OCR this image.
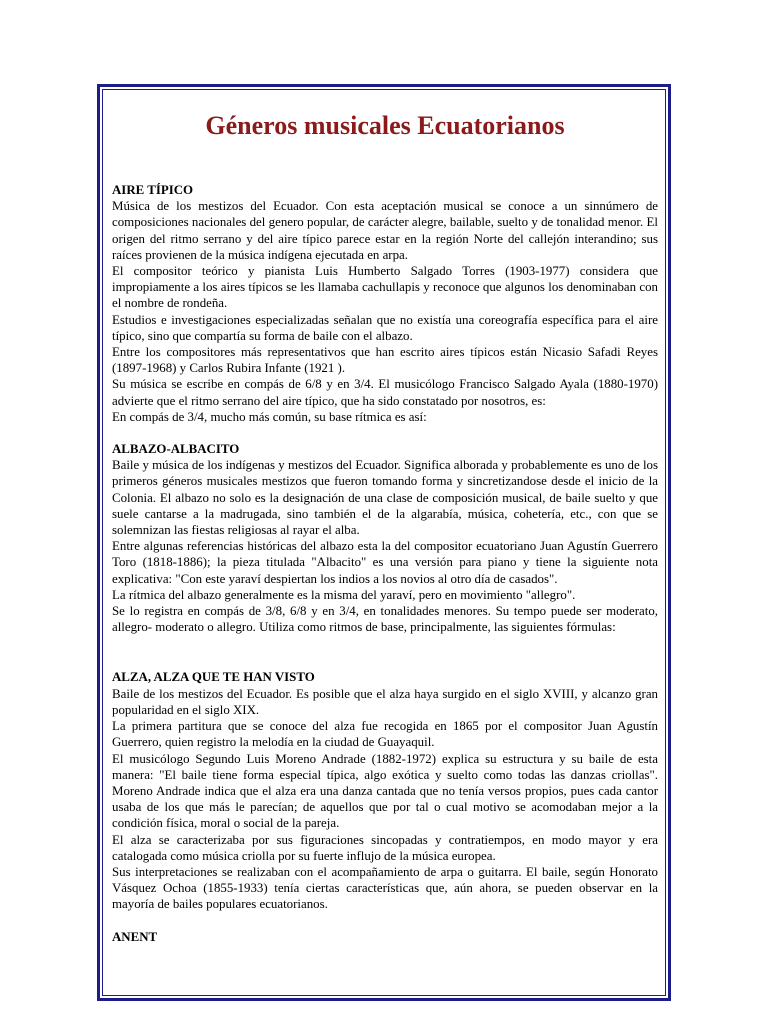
Géneros musicales Ecuatorianos

AIRE TÍPICO

Música de los mestizos del Ecuador. Con esta aceptación musical se conoce a un sinnúmero de composiciones nacionales del genero popular, de carácter alegre, bailable, suelto y de tonalidad menor. El origen del ritmo serrano y del aire típico parece estar en la región Norte del callejón interandino; sus raíces provienen de la música indígena ejecutada en arpa.

El compositor teórico y pianista Luis Humberto Salgado Torres (1903-1977) considera que impropiamente a los aires típicos se les llamaba cachullapis y reconoce que algunos los denominaban con el nombre de rondeña.

Estudios e investigaciones especializadas señalan que no existía una coreografía específica para el aire típico, sino que compartía su forma de baile con el albazo.

Entre los compositores más representativos que han escrito aires típicos están Nicasio Safadi Reyes (1897-1968) y Carlos Rubira Infante (1921 ).

Su música se escribe en compás de 6/8 y en 3/4. El musicólogo Francisco Salgado Ayala (1880-1970) advierte que el ritmo serrano del aire típico, que ha sido constatado por nosotros, es:

En compás de 3/4, mucho más común, su base rítmica es así:

ALBAZO-ALBACITO

Baile y música de los indígenas y mestizos del Ecuador. Significa alborada y probablemente es uno de los primeros géneros musicales mestizos que fueron tomando forma y sincretizandose desde el inicio de la Colonia. El albazo no solo es la designación de una clase de composición musical, de baile suelto y que suele cantarse a la madrugada, sino también el de la algarabía, música, cohetería, etc., con que se solemnizan las fiestas religiosas al rayar el alba.

Entre algunas referencias históricas del albazo esta la del compositor ecuatoriano Juan Agustín Guerrero Toro (1818-1886); la pieza titulada "Albacito" es una versión para piano y tiene la siguiente nota explicativa: "Con este yaraví despiertan los indios a los novios al otro día de casados".

La rítmica del albazo generalmente es la misma del yaraví, pero en movimiento "allegro".

Se lo registra en compás de 3/8, 6/8 y en 3/4, en tonalidades menores. Su tempo puede ser moderato, allegro- moderato o allegro. Utiliza como ritmos de base, principalmente, las siguientes fórmulas:

ALZA, ALZA QUE TE HAN VISTO

Baile de los mestizos del Ecuador. Es posible que el alza haya surgido en el siglo XVIII, y alcanzo gran popularidad en el siglo XIX.

La primera partitura que se conoce del alza fue recogida en 1865 por el compositor Juan Agustín Guerrero, quien registro la melodía en la ciudad de Guayaquil.

El musicólogo Segundo Luis Moreno Andrade (1882-1972) explica su estructura y su baile de esta manera: "El baile tiene forma especial típica, algo exótica y suelto como todas las danzas criollas". Moreno Andrade indica que el alza era una danza cantada que no tenía versos propios, pues cada cantor usaba de los que más le parecían; de aquellos que por tal o cual motivo se acomodaban mejor a la condición física, moral o social de la pareja.

El alza se caracterizaba por sus figuraciones sincopadas y contratiempos, en modo mayor y era catalogada como música criolla por su fuerte influjo de la música europea.

Sus interpretaciones se realizaban con el acompañamiento de arpa o guitarra. El baile, según Honorato Vásquez Ochoa (1855-1933) tenía ciertas características que, aún ahora, se pueden observar en la mayoría de bailes populares ecuatorianos.

ANENT
